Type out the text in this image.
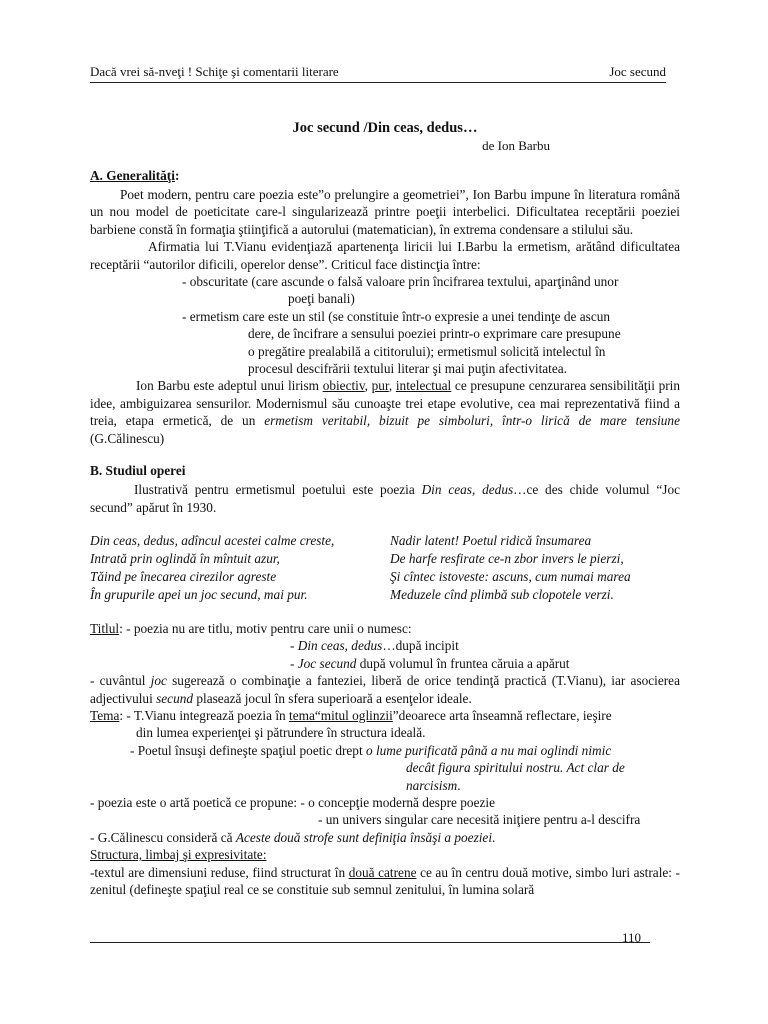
Dacă vrei să-nveţi ! Schiţe şi comentarii literare	Joc secund

Joc secund /Din ceas, dedus…

de Ion Barbu

A. Generalităţi:

Poet modern, pentru care poezia este”o prelungire a geometriei”, Ion Barbu impune în literatura română un nou model de poeticitate care-l singularizează printre poeţii interbelici. Dificultatea receptării poeziei barbiene constă în formaţia ştiinţifică a autorului (matematician), în extrema condensare a stilului său.

Afirmatia lui T.Vianu evidenţiază apartenenţa liricii lui I.Barbu la ermetism, arătând dificultatea receptării “autorilor dificili, operelor dense”. Criticul face distincţia între:

- obscuritate (care ascunde o falsă valoare prin încifrarea textului, aparţinând unor
poeţi banali)
- ermetism care este un stil (se constituie într-o expresie a unei tendinţe de ascun
dere, de încifrare a sensului poeziei printr-o exprimare care presupune
o pregătire prealabilă a cititorului); ermetismul solicită intelectul în
procesul descifrării textului literar şi mai puţin afectivitatea.

Ion Barbu este adeptul unui lirism obiectiv, pur, intelectual ce presupune cenzurarea sensibilităţii prin idee, ambiguizarea sensurilor. Modernismul său cunoaşte trei etape evolutive, cea mai reprezentativă fiind a treia, etapa ermetică, de un ermetism veritabil, bizuit pe simboluri, într-o lirică de mare tensiune (G.Călinescu)

B. Studiul operei

Ilustrativă pentru ermetismul poetului este poezia Din ceas, dedus…ce des chide volumul “Joc secund” apărut în 1930.

Din ceas, dedus, adîncul acestei calme creste,
Intrată prin oglindă în mîntuit azur,
Tăind pe înecarea cirezilor agreste
În grupurile apei un joc secund, mai pur.
Nadir latent! Poetul ridică însumarea
De harfe resfirate ce-n zbor invers le pierzi,
Şi cîntec istoveste: ascuns, cum numai marea
Meduzele cînd plimbă sub clopotele verzi.

Titlul: - poezia nu are titlu, motiv pentru care unii o numesc:

- Din ceas, dedus…după incipit
- Joc secund după volumul în fruntea căruia a apărut

- cuvântul joc sugerează o combinaţie a fanteziei, liberă de orice tendinţă practică (T.Vianu), iar asocierea adjectivului secund plasează jocul în sfera superioară a esenţelor ideale.

Tema: - T.Vianu integrează poezia în tema“mitul oglinzii”deoarece arta înseamnă reflectare, ieşire

din lumea experienţei şi pătrundere în structura ideală.
- Poetul însuşi defineşte spaţiul poetic drept o lume purificată până a nu mai oglindi nimic
decât figura spiritului nostru. Act clar de narcisism.

- poezia este o artă poetică ce propune: - o concepţie modernă despre poezie

- un univers singular care necesită iniţiere pentru a-l descifra

- G.Călinescu consideră că Aceste două strofe sunt definiţia însăşi a poeziei.

Structura, limbaj şi expresivitate:

-textul are dimensiuni reduse, fiind structurat în două catrene ce au în centru două motive, simbo luri astrale: - zenitul (defineşte spaţiul real ce se constituie sub semnul zenitului, în lumina solară

110
